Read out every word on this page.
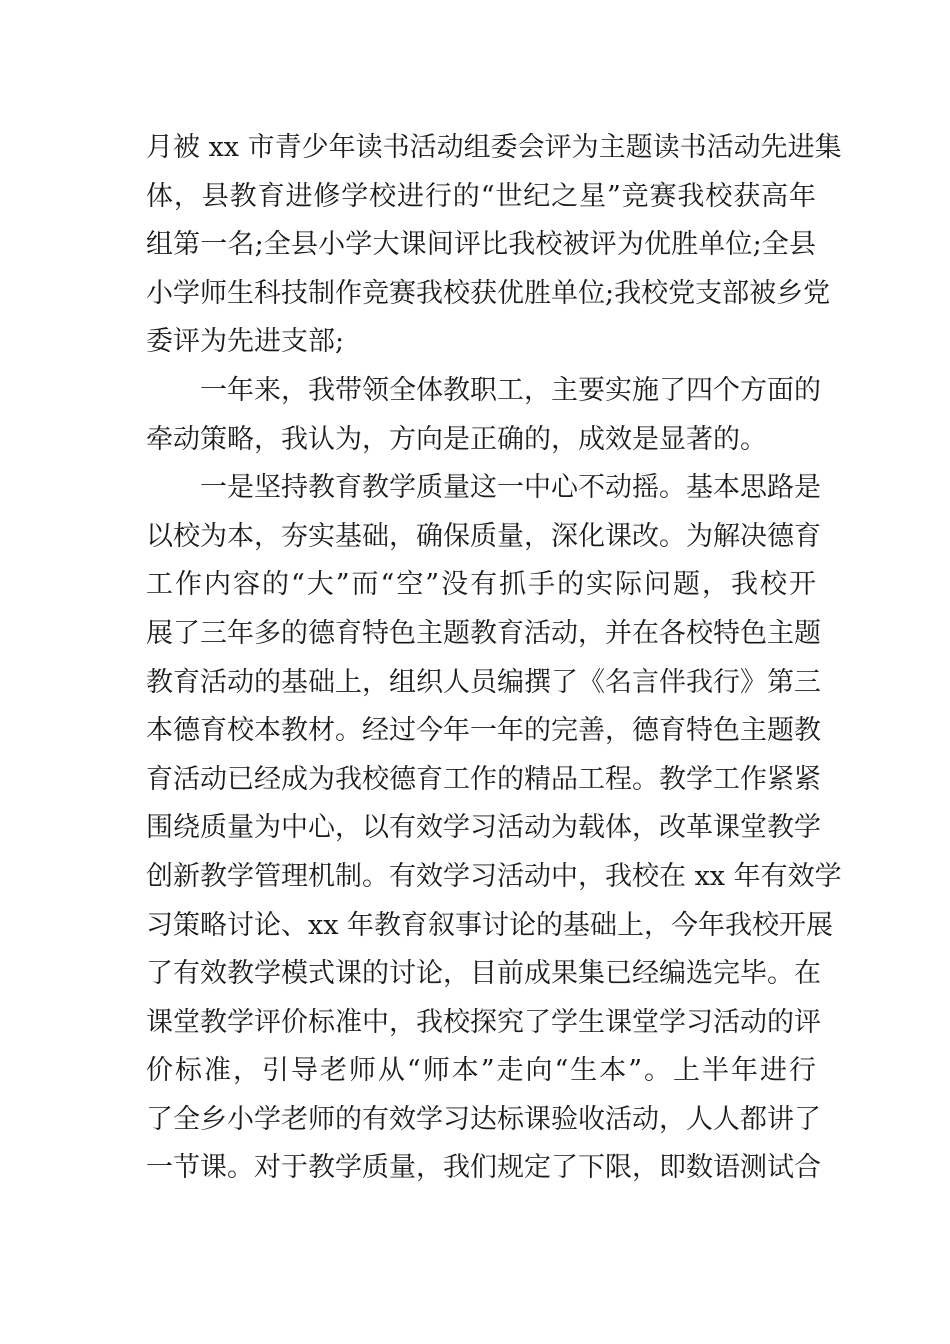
月被 xx 市青少年读书活动组委会评为主题读书活动先进集
体，县教育进修学校进行的“世纪之星”竞赛我校获高年
组第一名;全县小学大课间评比我校被评为优胜单位;全县
小学师生科技制作竞赛我校获优胜单位;我校党支部被乡党
委评为先进支部;
　　一年来，我带领全体教职工，主要实施了四个方面的
牵动策略，我认为，方向是正确的，成效是显著的。
　　一是坚持教育教学质量这一中心不动摇。基本思路是
以校为本，夯实基础，确保质量，深化课改。为解决德育
工作内容的“大”而“空”没有抓手的实际问题，我校开
展了三年多的德育特色主题教育活动，并在各校特色主题
教育活动的基础上，组织人员编撰了《名言伴我行》第三
本德育校本教材。经过今年一年的完善，德育特色主题教
育活动已经成为我校德育工作的精品工程。教学工作紧紧
围绕质量为中心，以有效学习活动为载体，改革课堂教学
创新教学管理机制。有效学习活动中，我校在 xx 年有效学
习策略讨论、xx 年教育叙事讨论的基础上，今年我校开展
了有效教学模式课的讨论，目前成果集已经编选完毕。在
课堂教学评价标准中，我校探究了学生课堂学习活动的评
价标准，引导老师从“师本”走向“生本”。上半年进行
了全乡小学老师的有效学习达标课验收活动，人人都讲了
一节课。对于教学质量，我们规定了下限，即数语测试合
